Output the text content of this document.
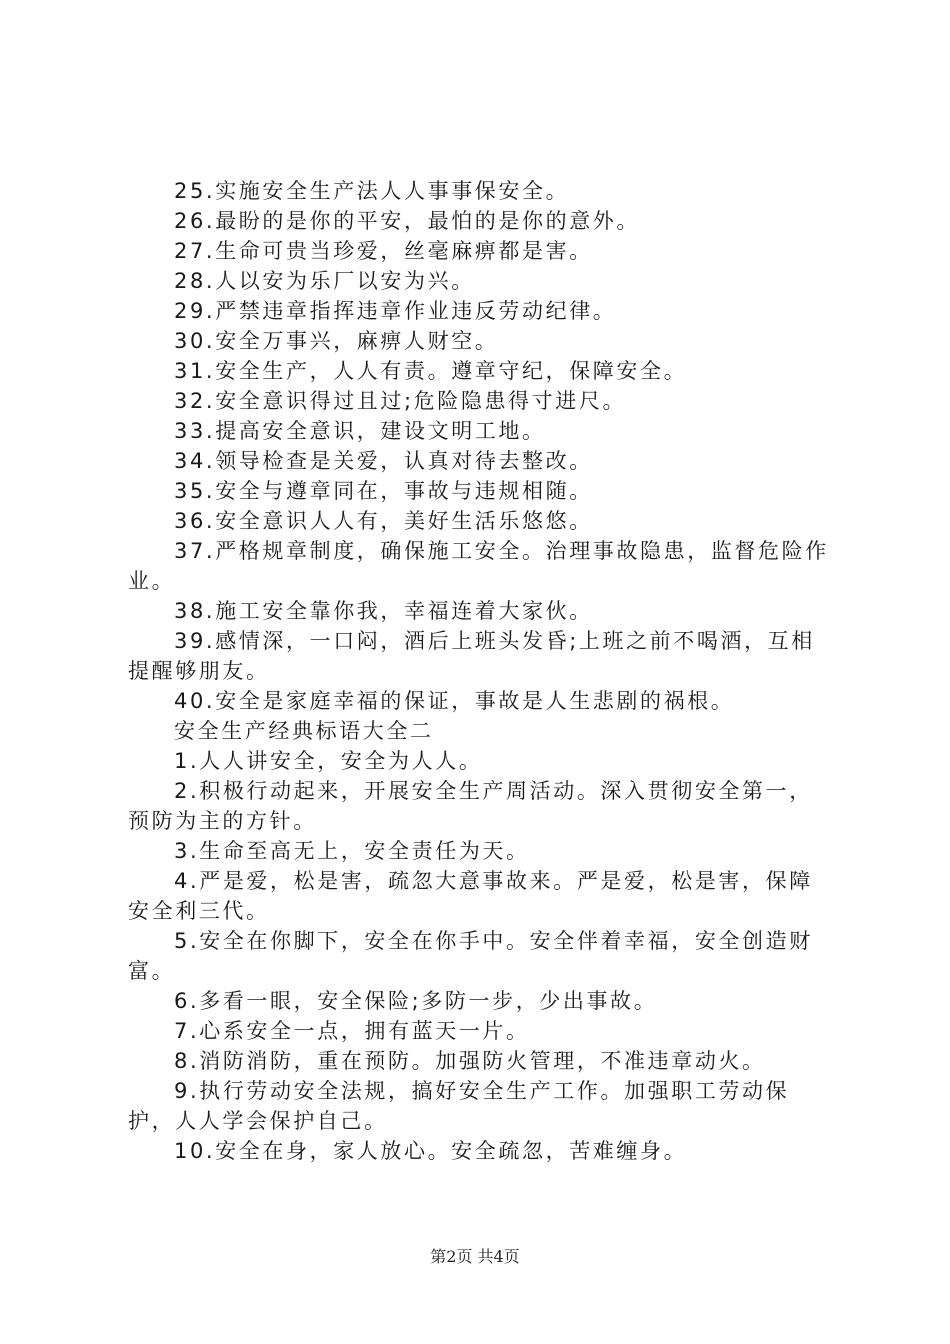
25.实施安全生产法人人事事保安全。

26.最盼的是你的平安，最怕的是你的意外。

27.生命可贵当珍爱，丝毫麻痹都是害。

28.人以安为乐厂以安为兴。

29.严禁违章指挥违章作业违反劳动纪律。

30.安全万事兴，麻痹人财空。

31.安全生产，人人有责。遵章守纪，保障安全。

32.安全意识得过且过;危险隐患得寸进尺。

33.提高安全意识，建设文明工地。

34.领导检查是关爱，认真对待去整改。

35.安全与遵章同在，事故与违规相随。

36.安全意识人人有，美好生活乐悠悠。

37.严格规章制度，确保施工安全。治理事故隐患，监督危险作业。

38.施工安全靠你我，幸福连着大家伙。

39.感情深，一口闷，酒后上班头发昏;上班之前不喝酒，互相提醒够朋友。

40.安全是家庭幸福的保证，事故是人生悲剧的祸根。

安全生产经典标语大全二

1.人人讲安全，安全为人人。

2.积极行动起来，开展安全生产周活动。深入贯彻安全第一，预防为主的方针。

3.生命至高无上，安全责任为天。

4.严是爱，松是害，疏忽大意事故来。严是爱，松是害，保障安全利三代。

5.安全在你脚下，安全在你手中。安全伴着幸福，安全创造财富。

6.多看一眼，安全保险;多防一步，少出事故。

7.心系安全一点，拥有蓝天一片。

8.消防消防，重在预防。加强防火管理，不准违章动火。

9.执行劳动安全法规，搞好安全生产工作。加强职工劳动保护，人人学会保护自己。

10.安全在身，家人放心。安全疏忽，苦难缠身。

第2页 共4页
